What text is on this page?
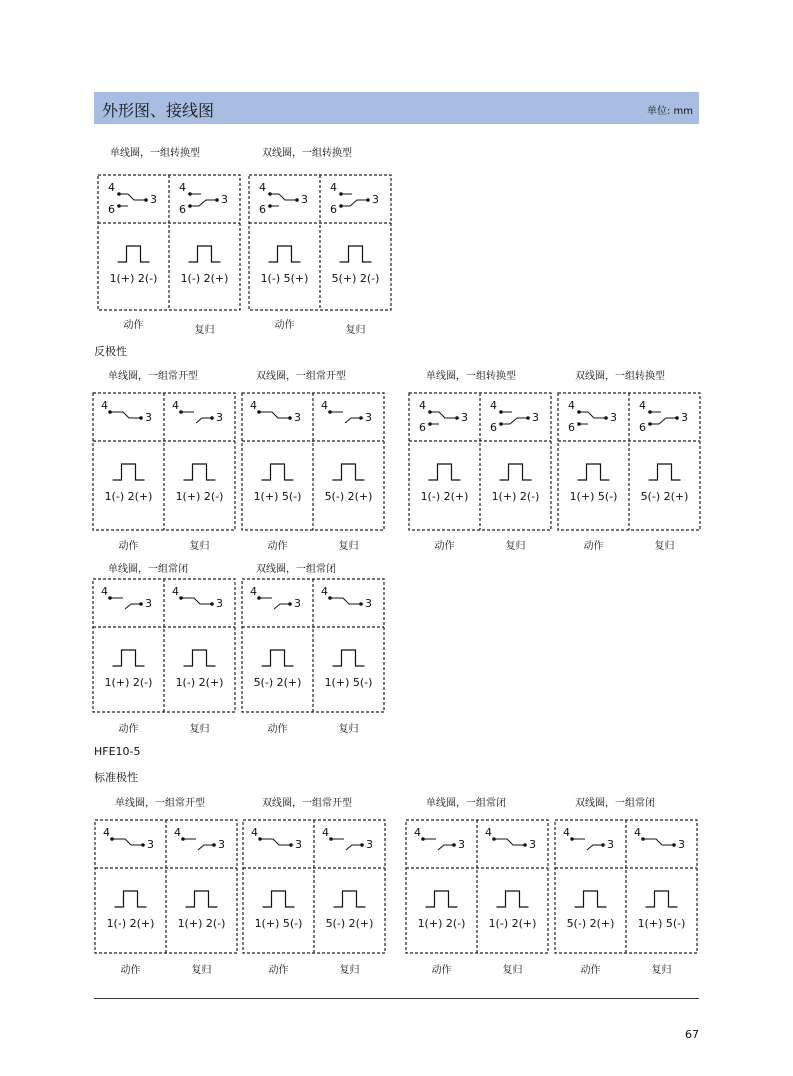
外形图、接线图	单位: mm
反极性
HFE10-5
标准极性
4
6
3
1(+) 2(-)
4
6
3
1(-) 2(+)
单线圈，一组转换型
动作	复归
4
6
3
1(-) 5(+)
4
6
3
5(+) 2(-)
双线圈，一组转换型
动作	复归
4
3
1(-) 2(+)
4
3
1(+) 2(-)
单线圈，一组常开型
动作	复归
4
3
1(+) 5(-)
4
3
5(-) 2(+)
双线圈，一组常开型
动作	复归
4
6
3
1(-) 2(+)
4
6
3
1(+) 2(-)
单线圈，一组转换型
动作	复归
4
6
3
1(+) 5(-)
4
6
3
5(-) 2(+)
双线圈，一组转换型
动作	复归
4
3
1(+) 2(-)
4
3
1(-) 2(+)
单线圈，一组常闭
动作	复归
4
3
5(-) 2(+)
4
3
1(+) 5(-)
双线圈，一组常闭
动作	复归
4
3
1(-) 2(+)
4
3
1(+) 2(-)
单线圈，一组常开型
动作	复归
4
3
1(+) 5(-)
4
3
5(-) 2(+)
双线圈，一组常开型
动作	复归
4
3
1(+) 2(-)
4
3
1(-) 2(+)
单线圈，一组常闭
动作	复归
4
3
5(-) 2(+)
4
3
1(+) 5(-)
双线圈，一组常闭
动作	复归
67
